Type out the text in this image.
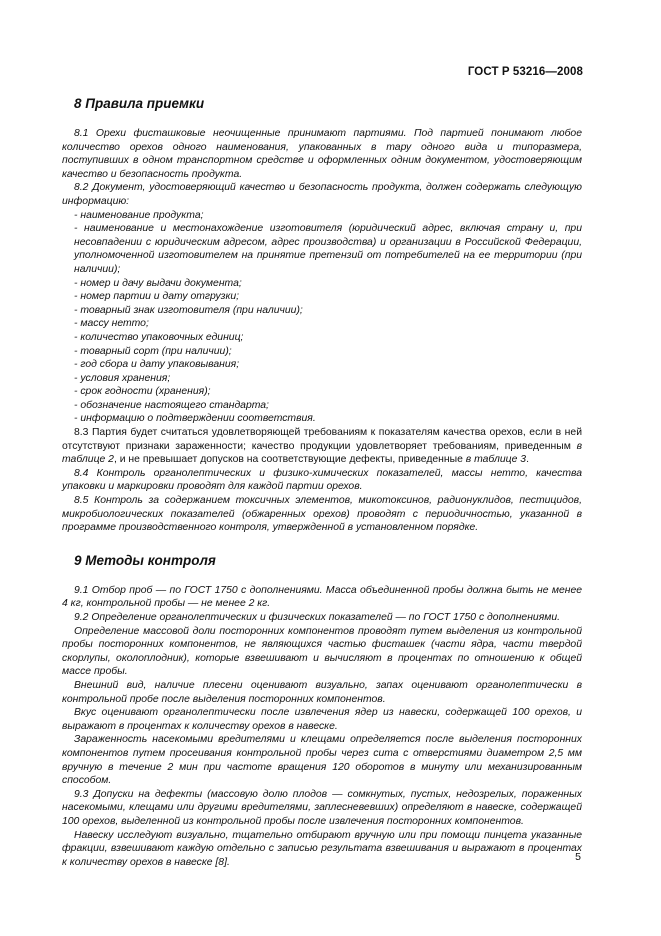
ГОСТ Р 53216—2008
8 Правила приемки

8.1 Орехи фисташковые неочищенные принимают партиями. Под партией понимают любое количество орехов одного наименования, упакованных в тару одного вида и типоразмера, поступивших в одном транспортном средстве и оформленных одним документом, удостоверяющим качество и безопасность продукта.

8.2 Документ, удостоверяющий качество и безопасность продукта, должен содержать следующую информацию:

- наименование продукта;

- наименование и местонахождение изготовителя (юридический адрес, включая страну и, при несовпадении с юридическим адресом, адрес производства) и организации в Российской Федерации, уполномоченной изготовителем на принятие претензий от потребителей на ее территории (при наличии);

- номер и дачу выдачи документа;

- номер партии и дату отгрузки;

- товарный знак изготовителя (при наличии);

- массу нетто;

- количество упаковочных единиц;

- товарный сорт (при наличии);

- год сбора и дату упаковывания;

- условия хранения;

- срок годности (хранения);

- обозначение настоящего стандарта;

- информацию о подтверждении соответствия.

8.3 Партия будет считаться удовлетворяющей требованиям к показателям качества орехов, если в ней отсутствуют признаки зараженности; качество продукции удовлетворяет требованиям, приведенным в таблице 2, и не превышает допусков на соответствующие дефекты, приведенные в таблице 3.

8.4 Контроль органолептических и физико-химических показателей, массы нетто, качества упаковки и маркировки проводят для каждой партии орехов.

8.5 Контроль за содержанием токсичных элементов, микотоксинов, радионуклидов, пестицидов, микробиологических показателей (обжаренных орехов) проводят с периодичностью, указанной в программе производственного контроля, утвержденной в установленном порядке.

9 Методы контроля

9.1 Отбор проб — по ГОСТ 1750 с дополнениями. Масса объединенной пробы должна быть не менее 4 кг, контрольной пробы — не менее 2 кг.

9.2 Определение органолептических и физических показателей — по ГОСТ 1750 с дополнениями.

Определение массовой доли посторонних компонентов проводят путем выделения из контрольной пробы посторонних компонентов, не являющихся частью фисташек (части ядра, части твердой скорлупы, околоплодник), которые взвешивают и вычисляют в процентах по отношению к общей массе пробы.

Внешний вид, наличие плесени оценивают визуально, запах оценивают органолептически в контрольной пробе после выделения посторонних компонентов.

Вкус оценивают органолептически после извлечения ядер из навески, содержащей 100 орехов, и выражают в процентах к количеству орехов в навеске.

Зараженность насекомыми вредителями и клещами определяется после выделения посторонних компонентов путем просеивания контрольной пробы через сита с отверстиями диаметром 2,5 мм вручную в течение 2 мин при частоте вращения 120 оборотов в минуту или механизированным способом.

9.3 Допуски на дефекты (массовую долю плодов — сомкнутых, пустых, недозрелых, пораженных насекомыми, клещами или другими вредителями, заплесневевших) определяют в навеске, содержащей 100 орехов, выделенной из контрольной пробы после извлечения посторонних компонентов.

Навеску исследуют визуально, тщательно отбирают вручную или при помощи пинцета указанные фракции, взвешивают каждую отдельно с записью результата взвешивания и выражают в процентах к количеству орехов в навеске [8].	5
